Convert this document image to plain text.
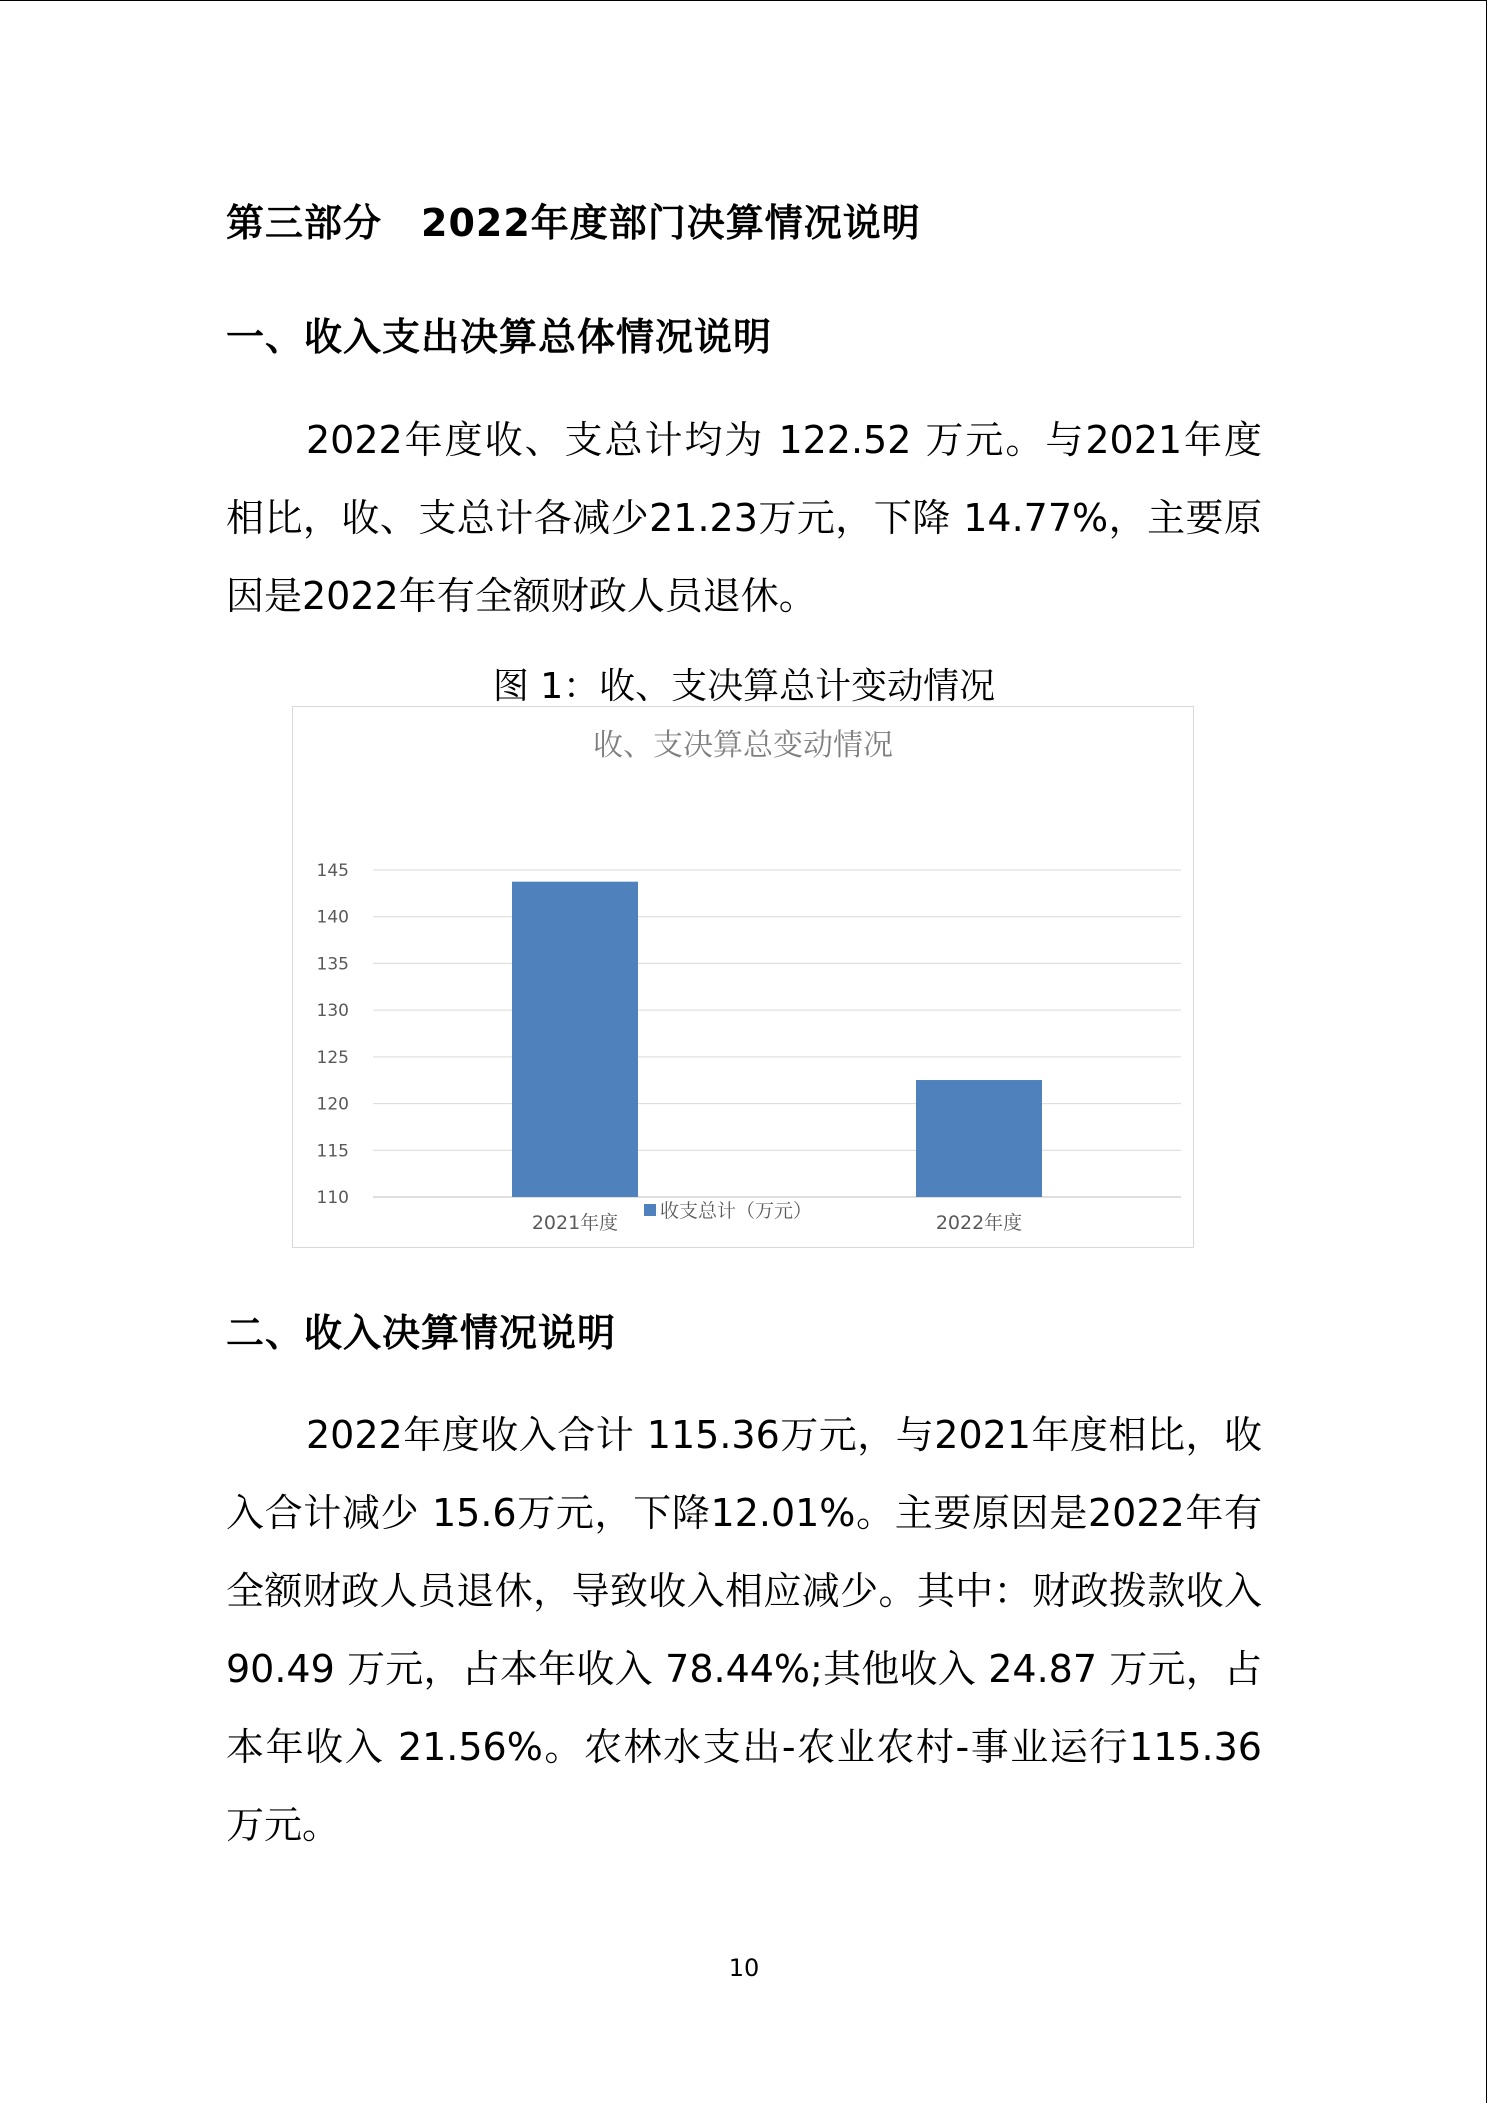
第三部分　2022年度部门决算情况说明
一、收入支出决算总体情况说明
2022年度收、支总计均为 122.52 万元。与2021年度相比，收、支总计各减少21.23万元，下降 14.77%，主要原因是2022年有全额财政人员退休。
图 1：收、支决算总计变动情况
收、支决算总变动情况
110
115
120
125
130
135
140
145
2021年度	2022年度
收支总计（万元）
二、收入决算情况说明
2022年度收入合计 115.36万元，与2021年度相比，收入合计减少 15.6万元，下降12.01%。主要原因是2022年有全额财政人员退休，导致收入相应减少。其中：财政拨款收入 90.49 万元，占本年收入 78.44%;其他收入 24.87 万元，占本年收入 21.56%。农林水支出-农业农村-事业运行115.36万元。
10
